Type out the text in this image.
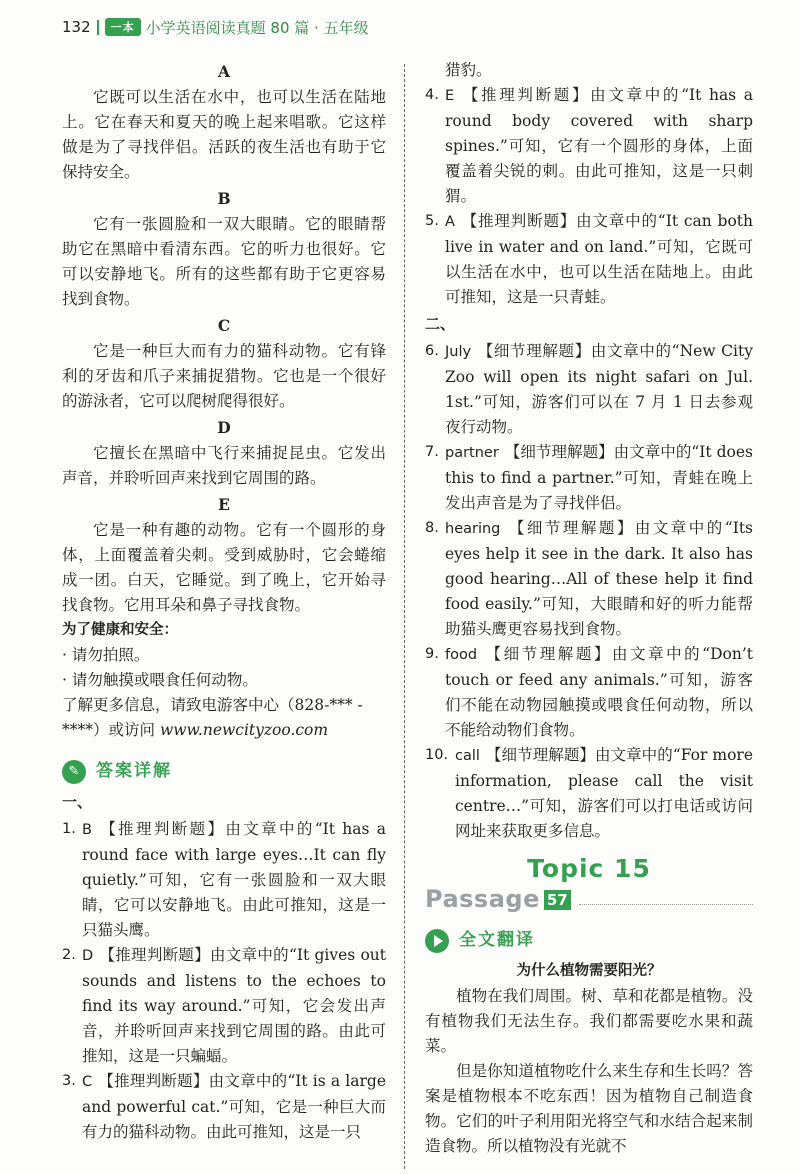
132	一本 小学英语阅读真题 80 篇 · 五年级
A
它既可以生活在水中，也可以生活在陆地上。它在春天和夏天的晚上起来唱歌。它这样做是为了寻找伴侣。活跃的夜生活也有助于它保持安全。
B
它有一张圆脸和一双大眼睛。它的眼睛帮助它在黑暗中看清东西。它的听力也很好。它可以安静地飞。所有的这些都有助于它更容易找到食物。
C
它是一种巨大而有力的猫科动物。它有锋利的牙齿和爪子来捕捉猎物。它也是一个很好的游泳者，它可以爬树爬得很好。
D
它擅长在黑暗中飞行来捕捉昆虫。它发出声音，并聆听回声来找到它周围的路。
E
它是一种有趣的动物。它有一个圆形的身体，上面覆盖着尖刺。受到威胁时，它会蜷缩成一团。白天，它睡觉。到了晚上，它开始寻找食物。它用耳朵和鼻子寻找食物。
为了健康和安全：
· 请勿拍照。
· 请勿触摸或喂食任何动物。
了解更多信息，请致电游客中心（828-*** -****）或访问 www.newcityzoo.com
✎ 答案详解
一、
1. B 【推理判断题】由文章中的“It has a round face with large eyes…It can fly quietly.”可知，它有一张圆脸和一双大眼睛，它可以安静地飞。由此可推知，这是一只猫头鹰。
2. D 【推理判断题】由文章中的“It gives out sounds and listens to the echoes to find its way around.”可知，它会发出声音，并聆听回声来找到它周围的路。由此可推知，这是一只蝙蝠。
3. C 【推理判断题】由文章中的“It is a large and powerful cat.”可知，它是一种巨大而有力的猫科动物。由此可推知，这是一只
猎豹。
4. E 【推理判断题】由文章中的“It has a round body covered with sharp spines.”可知，它有一个圆形的身体，上面覆盖着尖锐的刺。由此可推知，这是一只刺猬。
5. A 【推理判断题】由文章中的“It can both live in water and on land.”可知，它既可以生活在水中，也可以生活在陆地上。由此可推知，这是一只青蛙。
二、
6. July 【细节理解题】由文章中的“New City Zoo will open its night safari on Jul. 1st.”可知，游客们可以在 7 月 1 日去参观夜行动物。
7. partner 【细节理解题】由文章中的“It does this to find a partner.”可知，青蛙在晚上发出声音是为了寻找伴侣。
8. hearing 【细节理解题】由文章中的“Its eyes help it see in the dark. It also has good hearing…All of these help it find food easily.”可知，大眼睛和好的听力能帮助猫头鹰更容易找到食物。
9. food 【细节理解题】由文章中的“Don’t touch or feed any animals.”可知，游客们不能在动物园触摸或喂食任何动物，所以不能给动物们食物。
10. call 【细节理解题】由文章中的“For more information, please call the visit centre…”可知，游客们可以打电话或访问网址来获取更多信息。
Topic 15
Passage 57
全文翻译
为什么植物需要阳光？
植物在我们周围。树、草和花都是植物。没有植物我们无法生存。我们都需要吃水果和蔬菜。
但是你知道植物吃什么来生存和生长吗？答案是植物根本不吃东西！因为植物自己制造食物。它们的叶子利用阳光将空气和水结合起来制造食物。所以植物没有光就不
